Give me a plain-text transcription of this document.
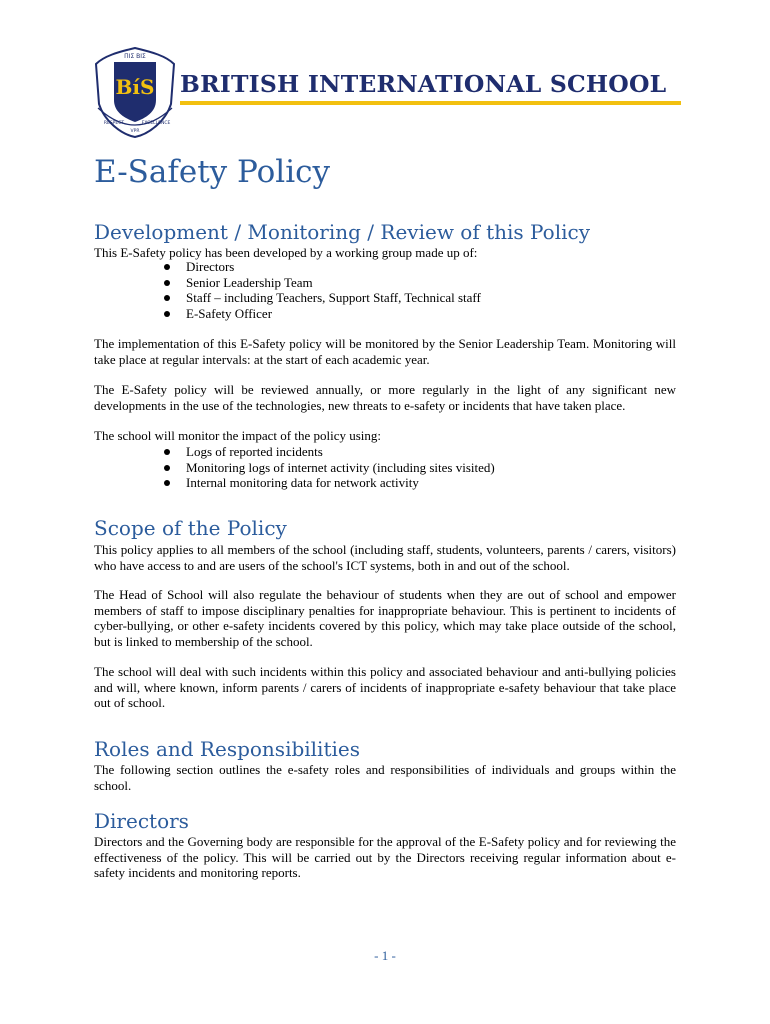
ΠΙΣ ΒΙΣ
BíS
RESPECT
VPR
EXCELLENCE
BRITISH INTERNATIONAL SCHOOL
E-Safety Policy
Development / Monitoring / Review of this Policy

This E-Safety policy has been developed by a working group made up of:

Directors
Senior Leadership Team
Staff – including Teachers, Support Staff, Technical staff
E-Safety Officer

The implementation of this E-Safety policy will be monitored by the Senior Leadership Team. Monitoring will take place at regular intervals: at the start of each academic year.

The E-Safety policy will be reviewed annually, or more regularly in the light of any significant new developments in the use of the technologies, new threats to e-safety or incidents that have taken place.

The school will monitor the impact of the policy using:

Logs of reported incidents
Monitoring logs of internet activity (including sites visited)
Internal monitoring data for network activity
Scope of the Policy

This policy applies to all members of the school (including staff, students, volunteers, parents / carers, visitors) who have access to and are users of the school's ICT systems, both in and out of the school.

The Head of School will also regulate the behaviour of students when they are out of school and empower members of staff to impose disciplinary penalties for inappropriate behaviour. This is pertinent to incidents of cyber-bullying, or other e-safety incidents covered by this policy, which may take place outside of the school, but is linked to membership of the school.

The school will deal with such incidents within this policy and associated behaviour and anti-bullying policies and will, where known, inform parents / carers of incidents of inappropriate e-safety behaviour that take place out of school.

Roles and Responsibilities

The following section outlines the e-safety roles and responsibilities of individuals and groups within the school.

Directors

Directors and the Governing body are responsible for the approval of the E-Safety policy and for reviewing the effectiveness of the policy. This will be carried out by the Directors receiving regular information about e-safety incidents and monitoring reports.

- 1 -
